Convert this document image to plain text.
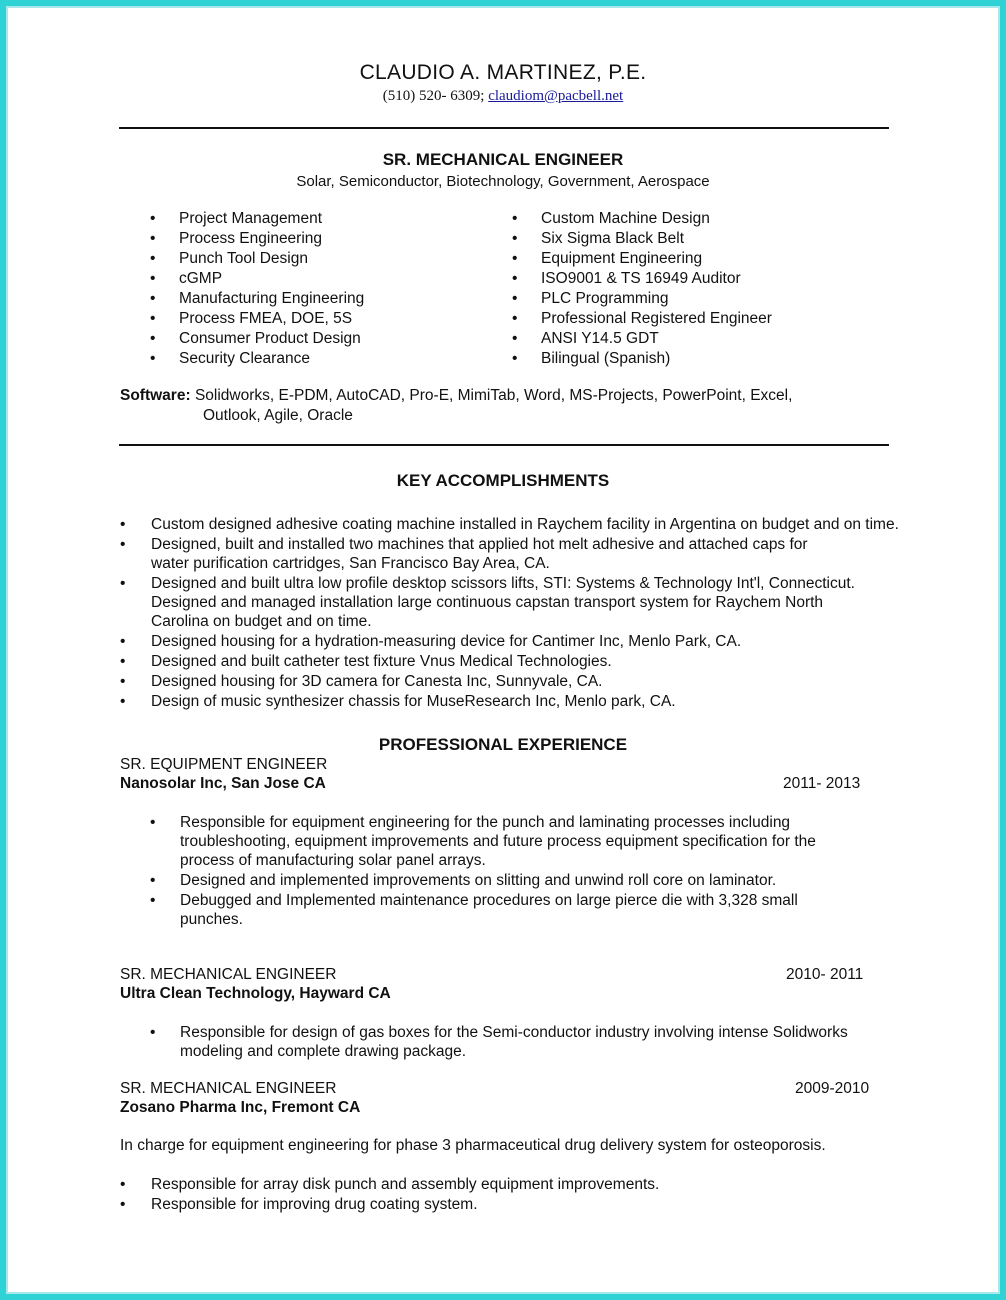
CLAUDIO A. MARTINEZ, P.E.
(510) 520- 6309; claudiom@pacbell.net
SR. MECHANICAL ENGINEER
Solar, Semiconductor, Biotechnology, Government, Aerospace
• Project Management
• Process Engineering
• Punch Tool Design
• cGMP
• Manufacturing Engineering
• Process FMEA, DOE, 5S
• Consumer Product Design
• Security Clearance
• Custom Machine Design
• Six Sigma Black Belt
• Equipment Engineering
• ISO9001 & TS 16949 Auditor
• PLC Programming
• Professional Registered Engineer
• ANSI Y14.5 GDT
• Bilingual (Spanish)
Software: Solidworks, E-PDM, AutoCAD, Pro-E, MimiTab, Word, MS-Projects, PowerPoint, Excel,
Outlook, Agile, Oracle
KEY ACCOMPLISHMENTS
• Custom designed adhesive coating machine installed in Raychem facility in Argentina on budget and on time.
• Designed, built and installed two machines that applied hot melt adhesive and attached caps for water purification cartridges, San Francisco Bay Area, CA.
• Designed and built ultra low profile desktop scissors lifts, STI: Systems & Technology Int'l, Connecticut. Designed and managed installation large continuous capstan transport system for Raychem North Carolina on budget and on time.
• Designed housing for a hydration-measuring device for Cantimer Inc, Menlo Park, CA.
• Designed and built catheter test fixture Vnus Medical Technologies.
• Designed housing for 3D camera for Canesta Inc, Sunnyvale, CA.
• Design of music synthesizer chassis for MuseResearch Inc, Menlo park, CA.
PROFESSIONAL EXPERIENCE
SR. EQUIPMENT ENGINEER
Nanosolar Inc, San Jose CA	2011- 2013
• Responsible for equipment engineering for the punch and laminating processes including troubleshooting, equipment improvements and future process equipment specification for the process of manufacturing solar panel arrays.
• Designed and implemented improvements on slitting and unwind roll core on laminator.
• Debugged and Implemented maintenance procedures on large pierce die with 3,328 small punches.
SR. MECHANICAL ENGINEER
Ultra Clean Technology, Hayward CA
2010- 2011
• Responsible for design of gas boxes for the Semi-conductor industry involving intense Solidworks modeling and complete drawing package.
SR. MECHANICAL ENGINEER
Zosano Pharma Inc, Fremont CA
2009-2010
In charge for equipment engineering for phase 3 pharmaceutical drug delivery system for osteoporosis.
• Responsible for array disk punch and assembly equipment improvements.
• Responsible for improving drug coating system.
